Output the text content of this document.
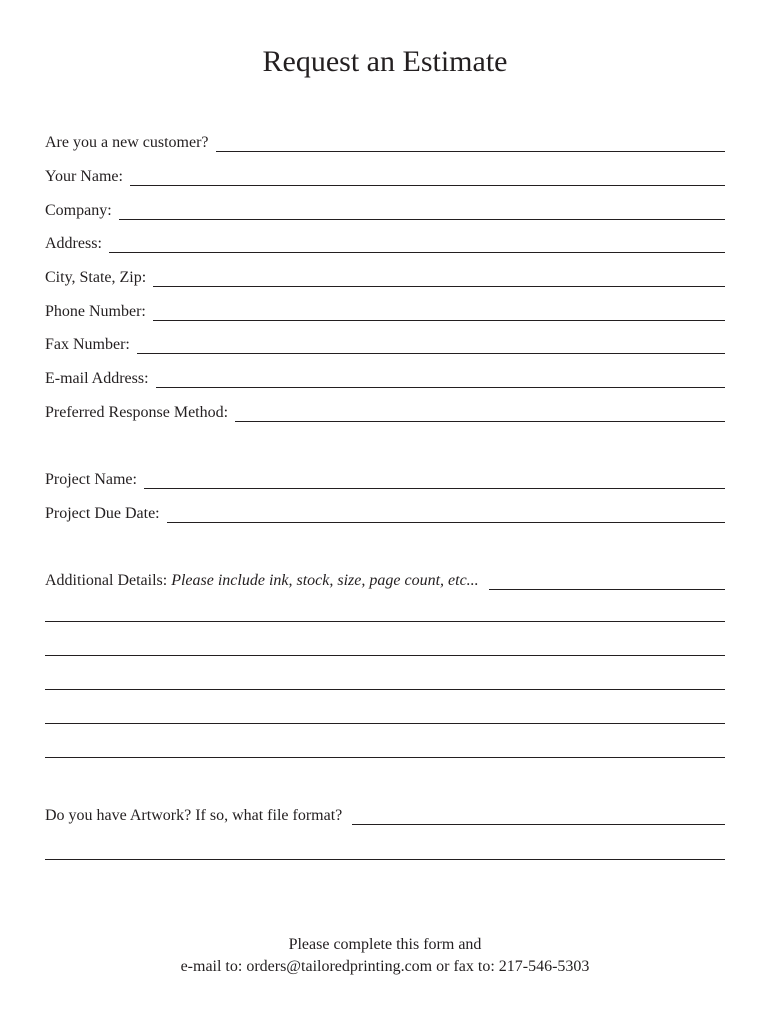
Request an Estimate
Are you a new customer?
Your Name:
Company:
Address:
City, State, Zip:
Phone Number:
Fax Number:
E-mail Address:
Preferred Response Method:
Project Name:
Project Due Date:
Additional Details: Please include ink, stock, size, page count, etc...
Do you have Artwork? If so, what file format?
Please complete this form and
e-mail to: orders@tailoredprinting.com or fax to: 217-546-5303
